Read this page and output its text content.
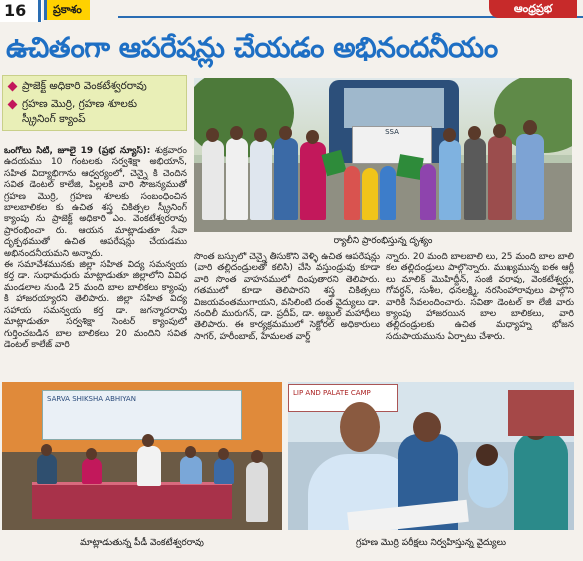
16	ప్రకాశం	ఆంధ్రప్రభ
ఉచితంగా ఆపరేషన్లు చేయడం అభినందనీయం
ప్రాజెక్ట్ అధికారి వెంకటేశ్వరరావు
గ్రహణ మొర్రి, గ్రహణ శూలకు
స్క్రీనింగ్ క్యాంప్

ఒంగోలు సిటీ, జూలై 19 (ప్రభ న్యూస్): శుక్రవారం ఉదయము 10 గంటలకు సర్వశిక్షా అభియాన్, సహిత విద్యాభిగాను ఆధ్వర్యంలో, చెన్నై కి చెందిన సవిత డెంటల్ కాలేజి, పిల్లలకి వారి సౌజన్యముతో గ్రహణ మొర్రి, గ్రహణ శూలకు సంబంధించిన బాలబాలికల కు ఉచిత శస్త్ర చికిత్సల స్క్రీనింగ్ క్యాంపు ను ప్రాజెక్ట్ అధికారి ఎం. వెంకటేశ్వరరావు ప్రారంభించా రు. ఆయన మాట్లాడుతూ సేవా దృక్పథముతో ఉచిత ఆపరేషన్లు చేయడము అభినందనీయమని అన్నారు.

ఈ సమావేశమునకు జిల్లా సహిత విద్య సమన్వయ కర్త డా. సుధామధురు మాట్లాడుతూ జిల్లాలోని వివిధ మండలాల నుండి 25 మంది బాల బాలికలు క్యాంపు కి హాజరయ్యారని తెలిపారు. జిల్లా సహిత విద్య సహాయ సమన్వయ కర్త డా. జగన్మాదరావు మాట్లాడుతూ సర్వశిక్షా సెంటర్ క్యాంపులో గుర్తించబడిన బాల బాలికలు 20 మందిని సవిత డెంటల్ కాలేజ్ వారి

SSA
ర్యాలీని ప్రారంభిస్తున్న దృశ్యం

సొంత బస్సులో చెన్నై తీసుకొని వెళ్ళి ఉచిత ఆపరేషన్లు (వారి తల్లిదండ్రులతో కలిసి) చేసి వస్తుండ్రువు కూడా వారి సొంత వాహనములో దింపుతారని తెలిపారు. గతములో కూడా తెలిపారని శస్త్ర చికిత్సలు విజయవంతముగాయని, వసిలింటి దంత వైద్యులు డా. నందిలీ మురుగన్, డా. ప్రదీప్, డా. అబ్దుల్ మహాధీలు తెలిపారు. ఈ కార్యక్రమములో సెక్టోరల్ అధికారులు సాగర్, హరీంబాబ్, హేమలత వార్డ్

న్నారు. 20 మంది బాలబాలి లు, 25 మంది బాల బాలి కల తల్లిదండ్రులు పాల్గొన్నారు. ముఖ్యమున్న ఐఈ ఆర్టీ లు మాలిక్ మొహిద్దీన్, సంజీ వరావు, వెంకటేశ్వర్లు, గోవర్ధన్, సుశీల, ధనలక్ష్మి, నరసింహారావులు పాల్గొని వారికి సేవలందించారు. సవితా డెంటల్ కా లేజీ వారు క్యాంపు హాజరయిన బాల బాలికలు, వారి తల్లిదండ్రులకు ఉచిత మధ్యాహ్న భోజన సదుపాయమును ఏర్పాటు చేశారు.

SARVA SHIKSHA ABHIYAN
మాట్లాడుతున్న పీడీ వెంకటేశ్వరరావు
LIP AND PALATE CAMP
గ్రహణ మొర్రి పరీక్షలు నిర్వహిస్తున్న వైద్యులు
